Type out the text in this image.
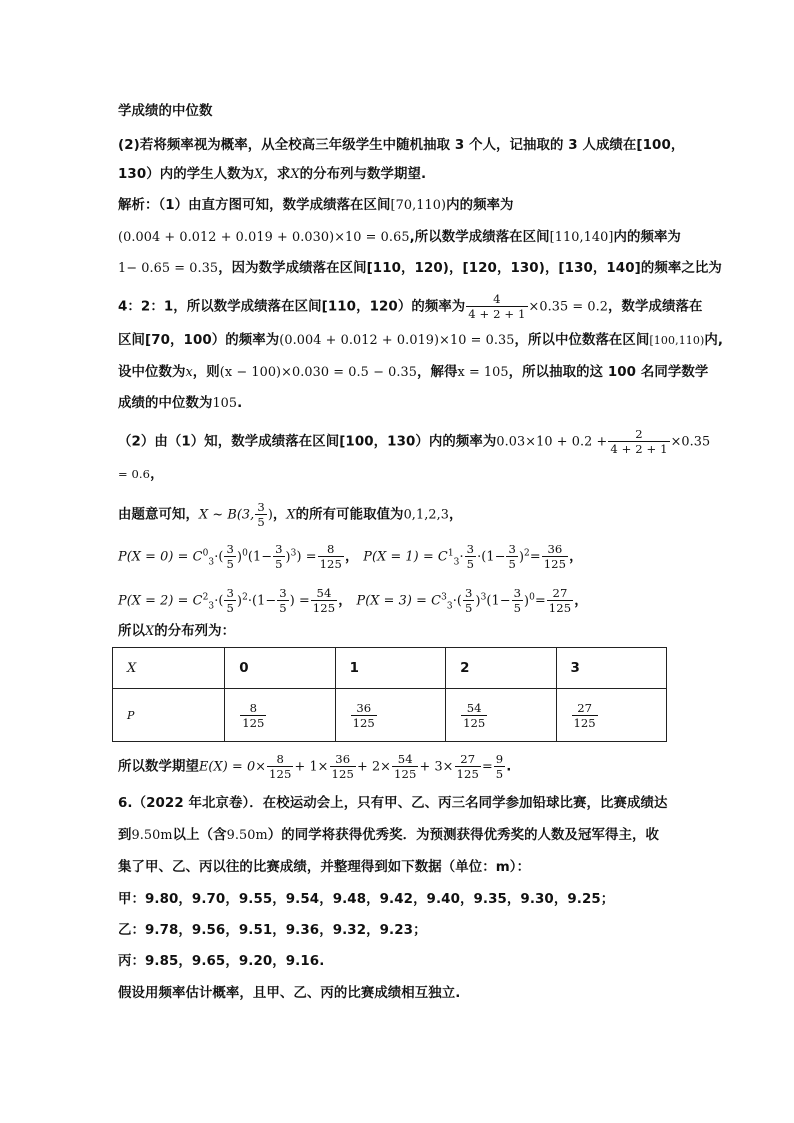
学成绩的中位数
(2)若将频率视为概率，从全校高三年级学生中随机抽取 3 个人，记抽取的 3 人成绩在[100，
130）内的学生人数为X，求X的分布列与数学期望.
解析：（1）由直方图可知，数学成绩落在区间[70,110)内的频率为
(0.004 + 0.012 + 0.019 + 0.030)×10 = 0.65,所以数学成绩落在区间[110,140]内的频率为
1− 0.65 = 0.35，因为数学成绩落在区间[110，120)，[120，130)，[130，140]的频率之比为
4：2：1，所以数学成绩落在区间[110，120）的频率为 $\frac{4}{4 + 2 + 1} \times 0.35 = 0.2$，数学成绩落在
区间[70，100）的频率为(0.004 + 0.012 + 0.019)×10 = 0.35，所以中位数落在区间[100,110)内,
设中位数为x，则(x − 100)×0.030 = 0.5 − 0.35，解得x = 105，所以抽取的这 100 名同学数学
成绩的中位数为105.
（2）由（1）知，数学成绩落在区间[100，130）内的频率为$0.03\times 10 + 0.2 + \frac{2}{4 + 2 + 1} \times 0.35$
= 0.6，
由题意可知，X ~ B(3, $\frac{3}{5}$ )，X的所有可能取值为0,1,2,3，
$P(X = 0) = C^0_3\cdot( \frac{3}{5} )^0(1- \frac{3}{5} )^3) = \frac{8}{125}$ ， $P(X = 1) = C^1_3\cdot \frac{3}{5} \cdot(1- \frac{3}{5} )^2= \frac{36}{125}$ ，
$P(X = 2) = C^2_3\cdot( \frac{3}{5} )^2\cdot(1- \frac{3}{5}$ ) = $\frac{54}{125}$ ， $P(X = 3) = C^3_3\cdot( \frac{3}{5} )^3(1- \frac{3}{5} )^0= \frac{27}{125}$ ，
所以X的分布列为：
X	0	1	2	3
P	$\frac{8}{125}$	$\frac{36}{125}$	$\frac{54}{125}$	$\frac{27}{125}$
所以数学期望$E(X) = 0\times \frac{8}{125} + 1\times \frac{36}{125} + 2\times \frac{54}{125} + 3\times \frac{27}{125} = \frac{9}{5}$ .
6.（2022 年北京卷）．在校运动会上，只有甲、乙、丙三名同学参加铅球比赛，比赛成绩达
到9.50m以上（含9.50m）的同学将获得优秀奖．为预测获得优秀奖的人数及冠军得主，收
集了甲、乙、丙以往的比赛成绩，并整理得到如下数据（单位：m）：
甲：9.80，9.70，9.55，9.54，9.48，9.42，9.40，9.35，9.30，9.25；
乙：9.78，9.56，9.51，9.36，9.32，9.23；
丙：9.85，9.65，9.20，9.16.
假设用频率估计概率，且甲、乙、丙的比赛成绩相互独立.
